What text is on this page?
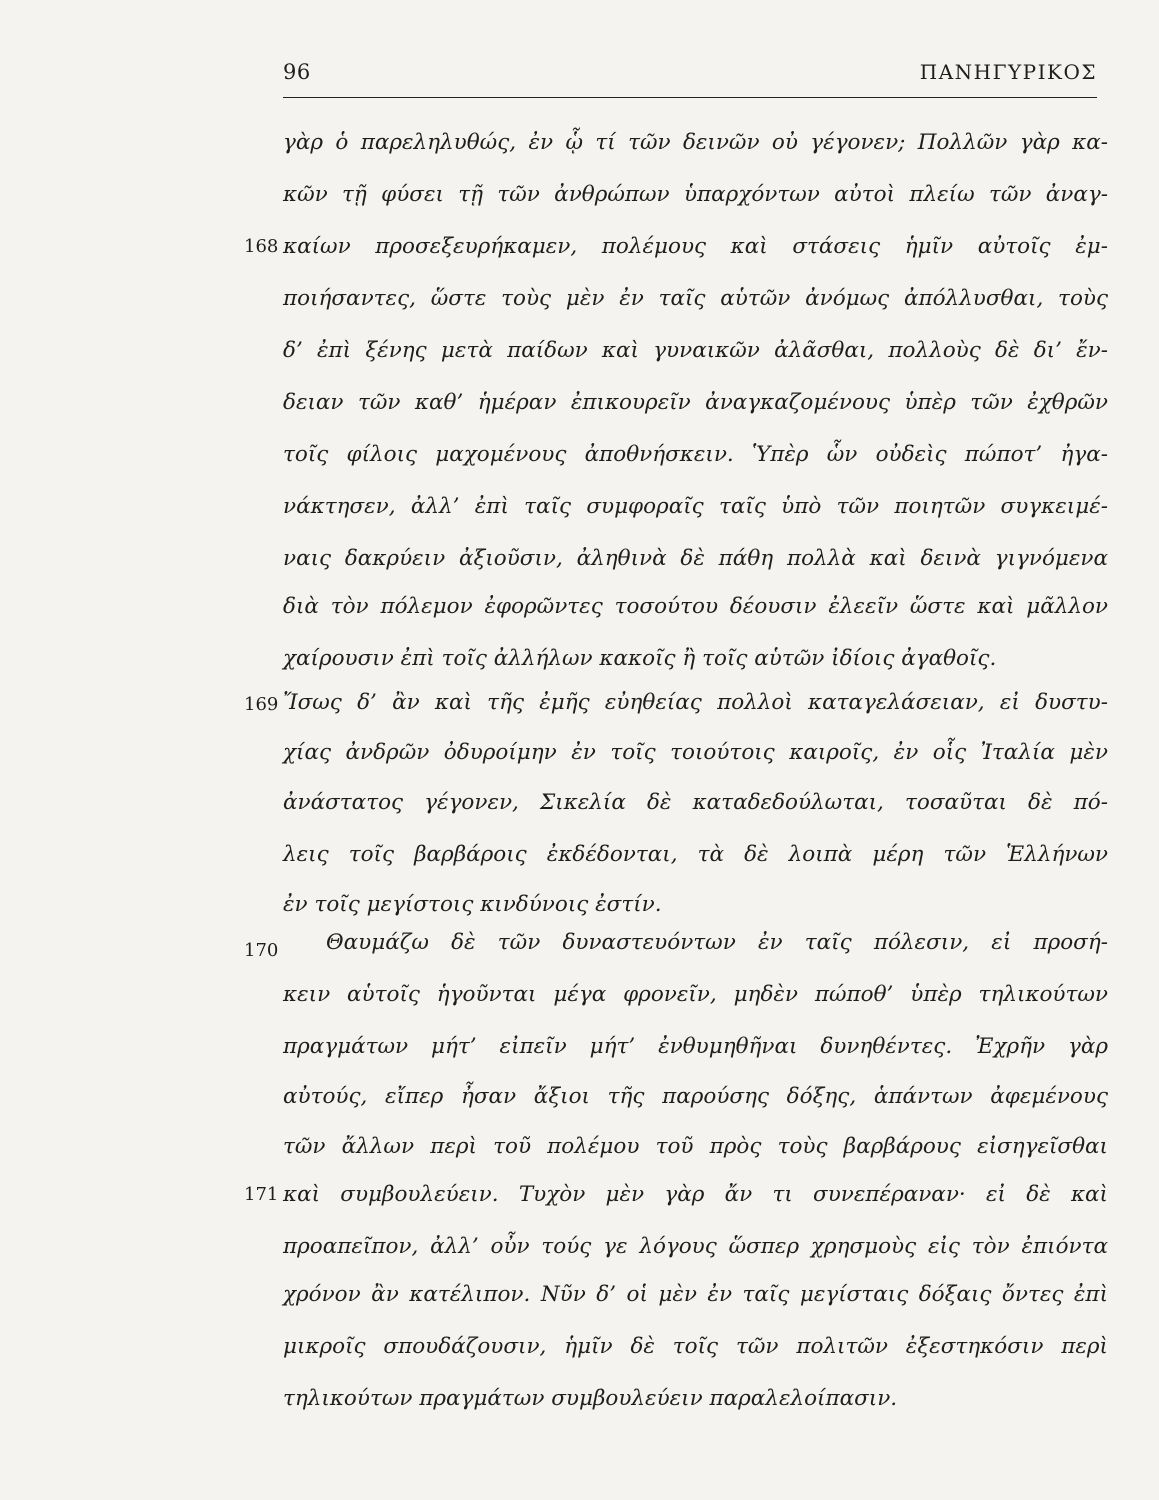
96	ΠΑΝΗΓΥΡΙΚΟΣ
γὰρ ὁ παρεληλυθώς, ἐν ᾧ τί τῶν δεινῶν οὐ γέγονεν; Πολλῶν γὰρ κα-
κῶν τῇ φύσει τῇ τῶν ἀνθρώπων ὑπαρχόντων αὐτοὶ πλείω τῶν ἀναγ-
168 καίων προσεξευρήκαμεν, πολέμους καὶ στάσεις ἡμῖν αὐτοῖς ἐμ-
ποιήσαντες, ὥστε τοὺς μὲν ἐν ταῖς αὑτῶν ἀνόμως ἀπόλλυσθαι, τοὺς
δ’ ἐπὶ ξένης μετὰ παίδων καὶ γυναικῶν ἀλᾶσθαι, πολλοὺς δὲ δι’ ἔν-
δειαν τῶν καθ’ ἡμέραν ἐπικουρεῖν ἀναγκαζομένους ὑπὲρ τῶν ἐχθρῶν
τοῖς φίλοις μαχομένους ἀποθνήσκειν. Ὑπὲρ ὧν οὐδεὶς πώποτ’ ἠγα-
νάκτησεν, ἀλλ’ ἐπὶ ταῖς συμφοραῖς ταῖς ὑπὸ τῶν ποιητῶν συγκειμέ-
ναις δακρύειν ἀξιοῦσιν, ἀληθινὰ δὲ πάθη πολλὰ καὶ δεινὰ γιγνόμενα
διὰ τὸν πόλεμον ἐφορῶντες τοσούτου δέουσιν ἐλεεῖν ὥστε καὶ μᾶλλον
χαίρουσιν ἐπὶ τοῖς ἀλλήλων κακοῖς ἢ τοῖς αὑτῶν ἰδίοις ἀγαθοῖς.
169 Ἴσως δ’ ἂν καὶ τῆς ἐμῆς εὐηθείας πολλοὶ καταγελάσειαν, εἰ δυστυ-
χίας ἀνδρῶν ὀδυροίμην ἐν τοῖς τοιούτοις καιροῖς, ἐν οἷς Ἰταλία μὲν
ἀνάστατος γέγονεν, Σικελία δὲ καταδεδούλωται, τοσαῦται δὲ πό-
λεις τοῖς βαρβάροις ἐκδέδονται, τὰ δὲ λοιπὰ μέρη τῶν Ἑλλήνων
ἐν τοῖς μεγίστοις κινδύνοις ἐστίν.
170 Θαυμάζω δὲ τῶν δυναστευόντων ἐν ταῖς πόλεσιν, εἰ προσή-
κειν αὑτοῖς ἡγοῦνται μέγα φρονεῖν, μηδὲν πώποθ’ ὑπὲρ τηλικούτων
πραγμάτων μήτ’ εἰπεῖν μήτ’ ἐνθυμηθῆναι δυνηθέντες. Ἐχρῆν γὰρ
αὐτούς, εἴπερ ἦσαν ἄξιοι τῆς παρούσης δόξης, ἁπάντων ἀφεμένους
τῶν ἄλλων περὶ τοῦ πολέμου τοῦ πρὸς τοὺς βαρβάρους εἰσηγεῖσθαι
171 καὶ συμβουλεύειν. Τυχὸν μὲν γὰρ ἄν τι συνεπέραναν· εἰ δὲ καὶ
προαπεῖπον, ἀλλ’ οὖν τούς γε λόγους ὥσπερ χρησμοὺς εἰς τὸν ἐπιόντα
χρόνον ἂν κατέλιπον. Νῦν δ’ οἱ μὲν ἐν ταῖς μεγίσταις δόξαις ὄντες ἐπὶ
μικροῖς σπουδάζουσιν, ἡμῖν δὲ τοῖς τῶν πολιτῶν ἐξεστηκόσιν περὶ
τηλικούτων πραγμάτων συμβουλεύειν παραλελοίπασιν.
